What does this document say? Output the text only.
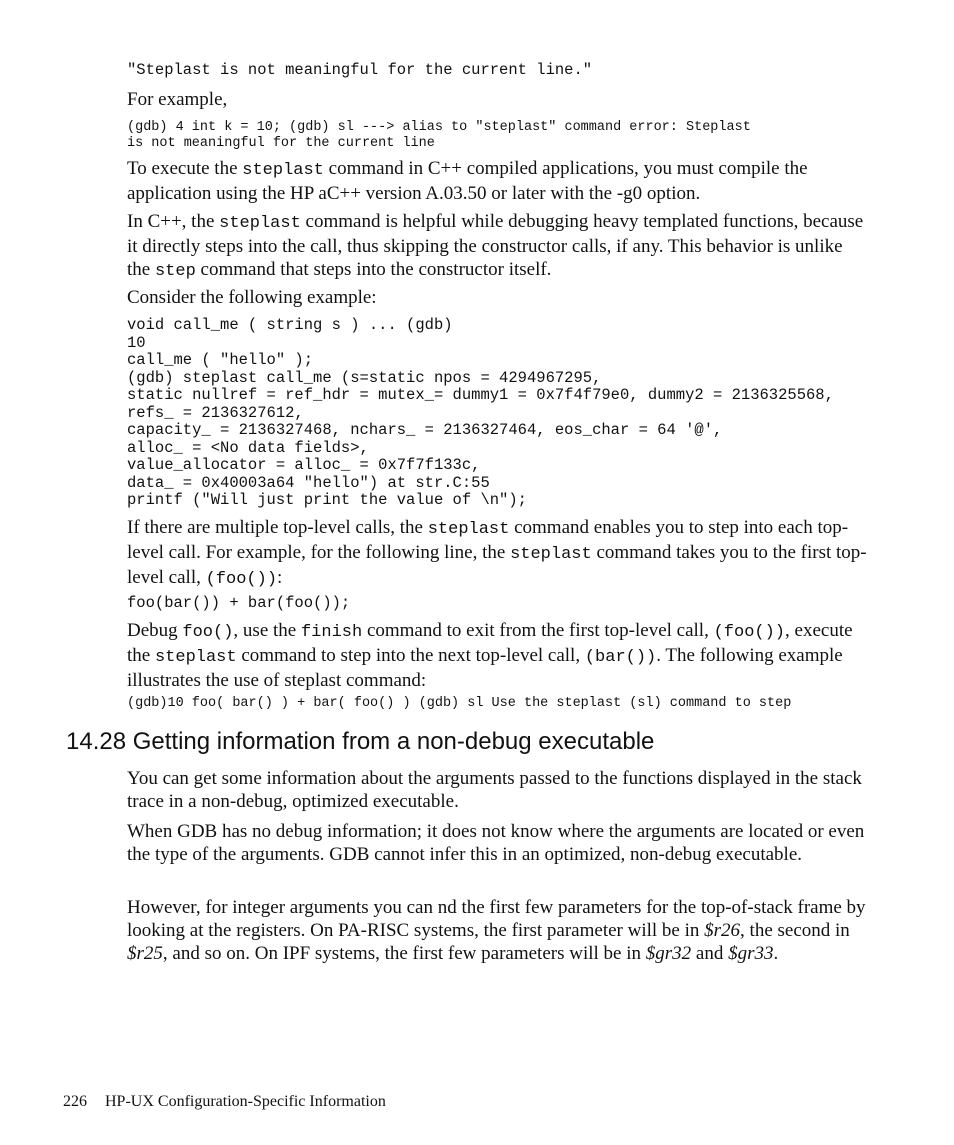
"Steplast is not meaningful for the current line."

For example,

(gdb) 4 int k = 10; (gdb) sl ---> alias to "steplast" command error: Steplast
is not meaningful for the current line

To execute the steplast command in C++ compiled applications, you must compile the application using the HP aC++ version A.03.50 or later with the -g0 option.

In C++, the steplast command is helpful while debugging heavy templated functions, because it directly steps into the call, thus skipping the constructor calls, if any. This behavior is unlike the step command that steps into the constructor itself.

Consider the following example:

void call_me ( string s ) ... (gdb)
10
call_me ( "hello" );
(gdb) steplast call_me (s=static npos = 4294967295,
static nullref = ref_hdr = mutex_= dummy1 = 0x7f4f79e0, dummy2 = 2136325568,
refs_ = 2136327612,
capacity_ = 2136327468, nchars_ = 2136327464, eos_char = 64 '@',
alloc_ = <No data fields>,
value_allocator = alloc_ = 0x7f7f133c,
data_ = 0x40003a64 "hello") at str.C:55
printf ("Will just print the value of \n");

If there are multiple top-level calls, the steplast command enables you to step into each top-level call. For example, for the following line, the steplast command takes you to the first top-level call, (foo()):

foo(bar()) + bar(foo());

Debug foo(), use the finish command to exit from the first top-level call, (foo()), execute the steplast command to step into the next top-level call, (bar()). The following example illustrates the use of steplast command:

(gdb)10 foo( bar() ) + bar( foo() ) (gdb) sl Use the steplast (sl) command to step
14.28 Getting information from a non-debug executable

You can get some information about the arguments passed to the functions displayed in the stack trace in a non-debug, optimized executable.

When GDB has no debug information; it does not know where the arguments are located or even the type of the arguments. GDB cannot infer this in an optimized, non-debug executable.

However, for integer arguments you can nd the first few parameters for the top-of-stack frame by looking at the registers. On PA-RISC systems, the first parameter will be in $r26, the second in $r25, and so on. On IPF systems, the first few parameters will be in $gr32 and $gr33.

226 HP-UX Configuration-Specific Information
